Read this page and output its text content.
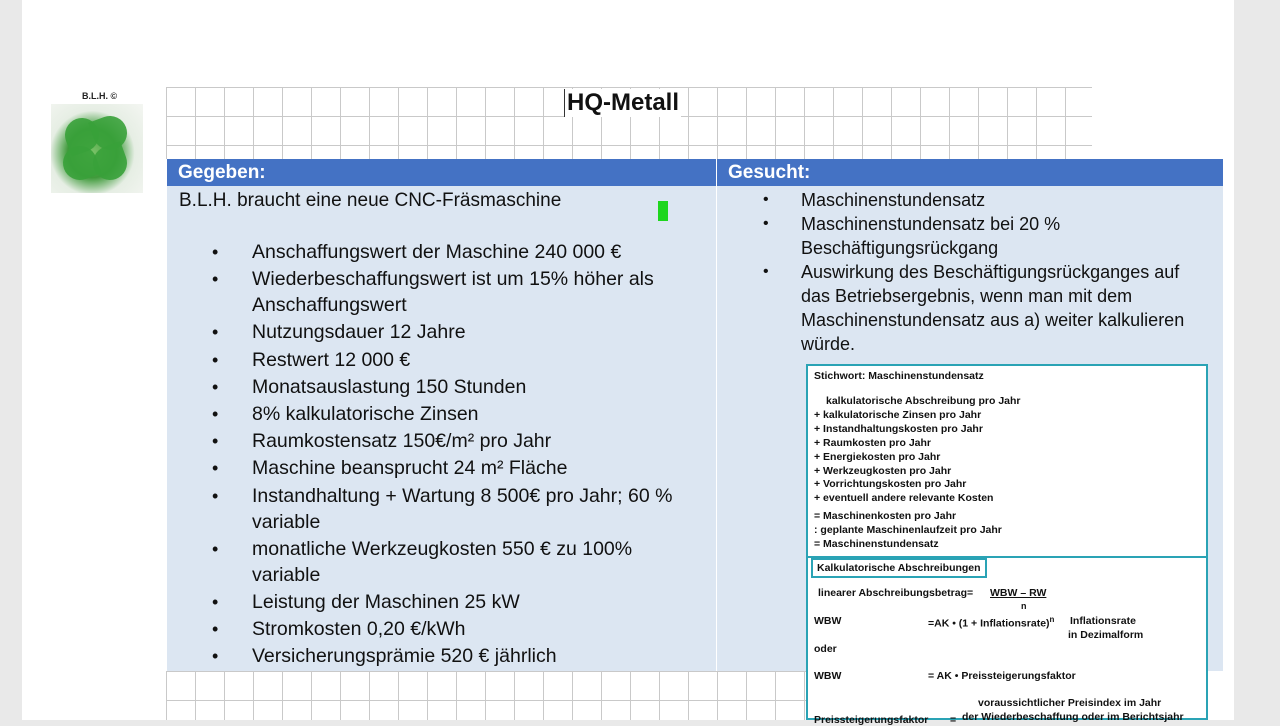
B.L.H. ©	HQ-Metall
Gegeben:	Gesucht:
B.L.H. braucht eine neue CNC-Fräsmaschine
• Anschaffungswert der Maschine 240 000 €
• Wiederbeschaffungswert ist um 15% höher als Anschaffungswert
• Nutzungsdauer 12 Jahre
• Restwert 12 000 €
• Monatsauslastung 150 Stunden
• 8% kalkulatorische Zinsen
• Raumkostensatz 150€/m² pro Jahr
• Maschine beansprucht 24 m² Fläche
• Instandhaltung + Wartung 8 500€ pro Jahr; 60 % variable
• monatliche Werkzeugkosten 550 € zu 100% variable
• Leistung der Maschinen 25 kW
• Stromkosten 0,20 €/kWh
• Versicherungsprämie 520 € jährlich
• Maschinenstundensatz
• Maschinenstundensatz bei 20 % Beschäftigungsrückgang
• Auswirkung des Beschäftigungsrückganges auf das Betriebsergebnis, wenn man mit dem Maschinenstundensatz aus a) weiter kalkulieren würde.
Stichwort: Maschinenstundensatz
kalkulatorische Abschreibung pro Jahr
+ kalkulatorische Zinsen pro Jahr
+ Instandhaltungskosten pro Jahr
+ Raumkosten pro Jahr
+ Energiekosten pro Jahr
+ Werkzeugkosten pro Jahr
+ Vorrichtungskosten pro Jahr
+ eventuell andere relevante Kosten
= Maschinenkosten pro Jahr
: geplante Maschinenlaufzeit pro Jahr
= Maschinenstundensatz
Kalkulatorische Abschreibungen
linearer Abschreibungsbetrag= WBW – RW
n
WBW	=AK • (1 + Inflationsrate)$^n$ Inflationsrate
in Dezimalform
oder
WBW	= AK • Preissteigerungsfaktor
voraussichtlicher Preisindex im Jahr
der Wiederbeschaffung oder im Berichtsjahr
Preissteigerungsfaktor =
